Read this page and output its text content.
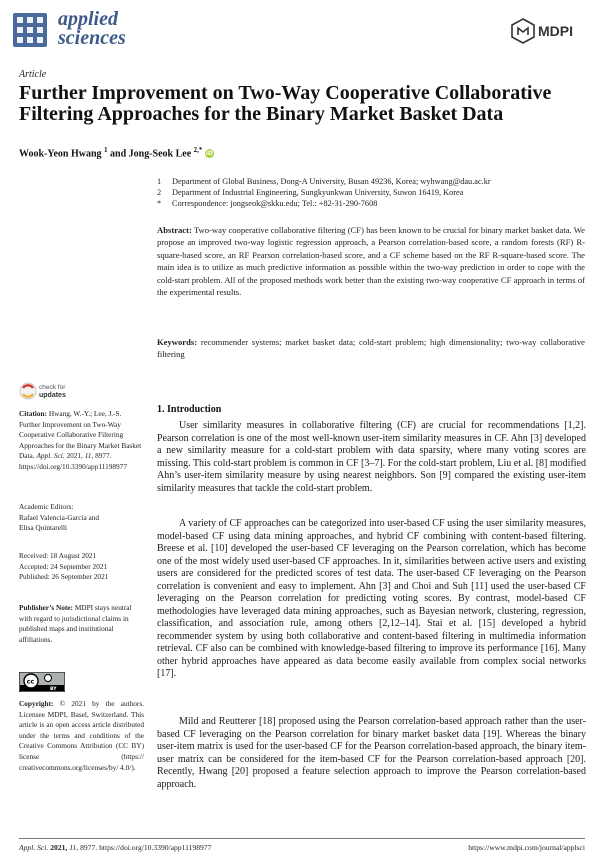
applied
sciences	MDPI
Article
Further Improvement on Two-Way Cooperative Collaborative Filtering Approaches for the Binary Market Basket Data
Wook-Yeon Hwang $^1$ and Jong-Seok Lee $^{2,*}$ iD
1 Department of Global Business, Dong-A University, Busan 49236, Korea; wyhwang@dau.ac.kr
2 Department of Industrial Engineering, Sungkyunkwan University, Suwon 16419, Korea
* Correspondence: jongseok@skku.edu; Tel.: +82-31-290-7608
Abstract: Two-way cooperative collaborative filtering (CF) has been known to be crucial for binary market basket data. We propose an improved two-way logistic regression approach, a Pearson correlation-based score, a random forests (RF) R-square-based score, an RF Pearson correlation-based score, and a CF scheme based on the RF R-square-based score. The main idea is to utilize as much predictive information as possible within the two-way prediction in order to cope with the cold-start problem. All of the proposed methods work better than the existing two-way cooperative CF approach in terms of the experimental results.
Keywords: recommender systems; market basket data; cold-start problem; high dimensionality; two-way collaborative filtering
check for
updates
Citation: Hwang, W.-Y.; Lee, J.-S. Further Improvement on Two-Way Cooperative Collaborative Filtering Approaches for the Binary Market Basket Data. Appl. Sci. 2021, 11, 8977. https://doi.org/10.3390/app11198977
Academic Editors:
Rafael Valencia-García and
Elisa Quintarelli
Received: 18 August 2021
Accepted: 24 September 2021
Published: 26 September 2021
Publisher’s Note: MDPI stays neutral with regard to jurisdictional claims in published maps and institutional affiliations.
cc
BY
Copyright: © 2021 by the authors. Licensee MDPI, Basel, Switzerland. This article is an open access article distributed under the terms and conditions of the Creative Commons Attribution (CC BY) license (https:// creativecommons.org/licenses/by/ 4.0/).
1. Introduction
User similarity measures in collaborative filtering (CF) are crucial for recommendations [1,2]. Pearson correlation is one of the most well-known user-item similarity measures in CF. Ahn [3] developed a new similarity measure for a cold-start problem with data sparsity, where many voting scores are missing. This cold-start problem is common in CF [3–7]. For the cold-start problem, Liu et al. [8] modified Ahn’s user-item similarity measure by using nearest neighbors. Son [9] compared the existing user-item similarity measures that tackle the cold-start problem.
A variety of CF approaches can be categorized into user-based CF using the user similarity measures, model-based CF using data mining approaches, and hybrid CF combining with content-based filtering. Breese et al. [10] developed the user-based CF leveraging on the Pearson correlation, which has become one of the most widely used user-based CF approaches. In it, similarities between active users and existing users are considered for the predicted scores of test data. The user-based CF leveraging on the Pearson correlation is convenient and easy to implement. Ahn [3] and Choi and Suh [11] used the user-based CF leveraging on the Pearson correlation for predicting voting scores. By contrast, model-based CF methodologies have leveraged data mining approaches, such as Bayesian network, clustering, regression, classification, and association rule, among others [2,12–14]. Stai et al. [15] developed a hybrid recommender system by using both collaborative and content-based filtering in multimedia information retrieval. CF also can be combined with knowledge-based filtering to improve its performance [16]. Many other hybrid approaches have appeared as data become easily available from complex social networks [17].
Mild and Reutterer [18] proposed using the Pearson correlation-based approach rather than the user-based CF leveraging on the Pearson correlation for binary market basket data [19]. Whereas the binary user-item matrix is used for the user-based CF for the Pearson correlation-based approach, the binary item-user matrix can be considered for the item-based CF for the Pearson correlation-based approach [20]. Recently, Hwang [20] proposed a feature selection approach to improve the Pearson correlation-based approach.
Appl. Sci. 2021, 11, 8977. https://doi.org/10.3390/app11198977	https://www.mdpi.com/journal/applsci
